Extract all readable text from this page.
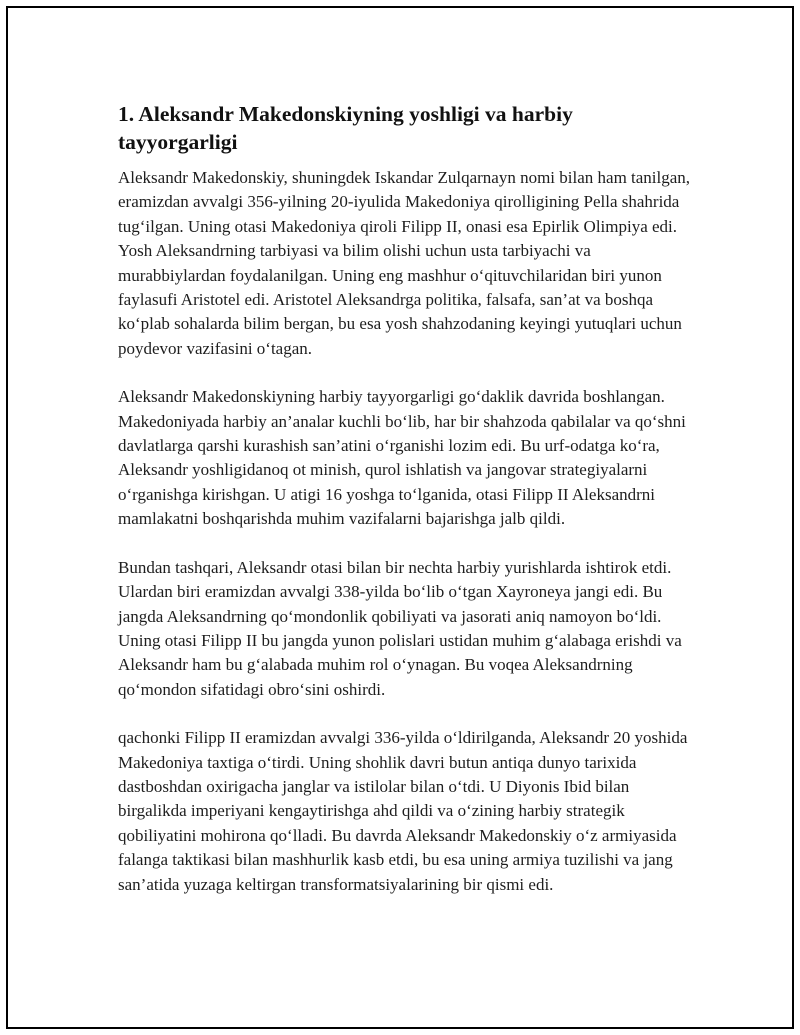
1. Aleksandr Makedonskiyning yoshligi va harbiy tayyorgarligi

Aleksandr Makedonskiy, shuningdek Iskandar Zulqarnayn nomi bilan ham tanilgan, eramizdan avvalgi 356-yilning 20-iyulida Makedoniya qirolligining Pella shahrida tug‘ilgan. Uning otasi Makedoniya qiroli Filipp II, onasi esa Epirlik Olimpiya edi. Yosh Aleksandrning tarbiyasi va bilim olishi uchun usta tarbiyachi va murabbiylardan foydalanilgan. Uning eng mashhur o‘qituvchilaridan biri yunon faylasufi Aristotel edi. Aristotel Aleksandrga politika, falsafa, san’at va boshqa ko‘plab sohalarda bilim bergan, bu esa yosh shahzodaning keyingi yutuqlari uchun poydevor vazifasini o‘tagan.

Aleksandr Makedonskiyning harbiy tayyorgarligi go‘daklik davrida boshlangan. Makedoniyada harbiy an’analar kuchli bo‘lib, har bir shahzoda qabilalar va qo‘shni davlatlarga qarshi kurashish san’atini o‘rganishi lozim edi. Bu urf-odatga ko‘ra, Aleksandr yoshligidanoq ot minish, qurol ishlatish va jangovar strategiyalarni o‘rganishga kirishgan. U atigi 16 yoshga to‘lganida, otasi Filipp II Aleksandrni mamlakatni boshqarishda muhim vazifalarni bajarishga jalb qildi.

Bundan tashqari, Aleksandr otasi bilan bir nechta harbiy yurishlarda ishtirok etdi. Ulardan biri eramizdan avvalgi 338-yilda bo‘lib o‘tgan Xayroneya jangi edi. Bu jangda Aleksandrning qo‘mondonlik qobiliyati va jasorati aniq namoyon bo‘ldi. Uning otasi Filipp II bu jangda yunon polislari ustidan muhim g‘alabaga erishdi va Aleksandr ham bu g‘alabada muhim rol o‘ynagan. Bu voqea Aleksandrning qo‘mondon sifatidagi obro‘sini oshirdi.

qachonki Filipp II eramizdan avvalgi 336-yilda o‘ldirilganda, Aleksandr 20 yoshida Makedoniya taxtiga o‘tirdi. Uning shohlik davri butun antiqa dunyo tarixida dastboshdan oxirigacha janglar va istilolar bilan o‘tdi. U Diyonis Ibid bilan birgalikda imperiyani kengaytirishga ahd qildi va o‘zining harbiy strategik qobiliyatini mohirona qo‘lladi. Bu davrda Aleksandr Makedonskiy o‘z armiyasida falanga taktikasi bilan mashhurlik kasb etdi, bu esa uning armiya tuzilishi va jang san’atida yuzaga keltirgan transformatsiyalarining bir qismi edi.
